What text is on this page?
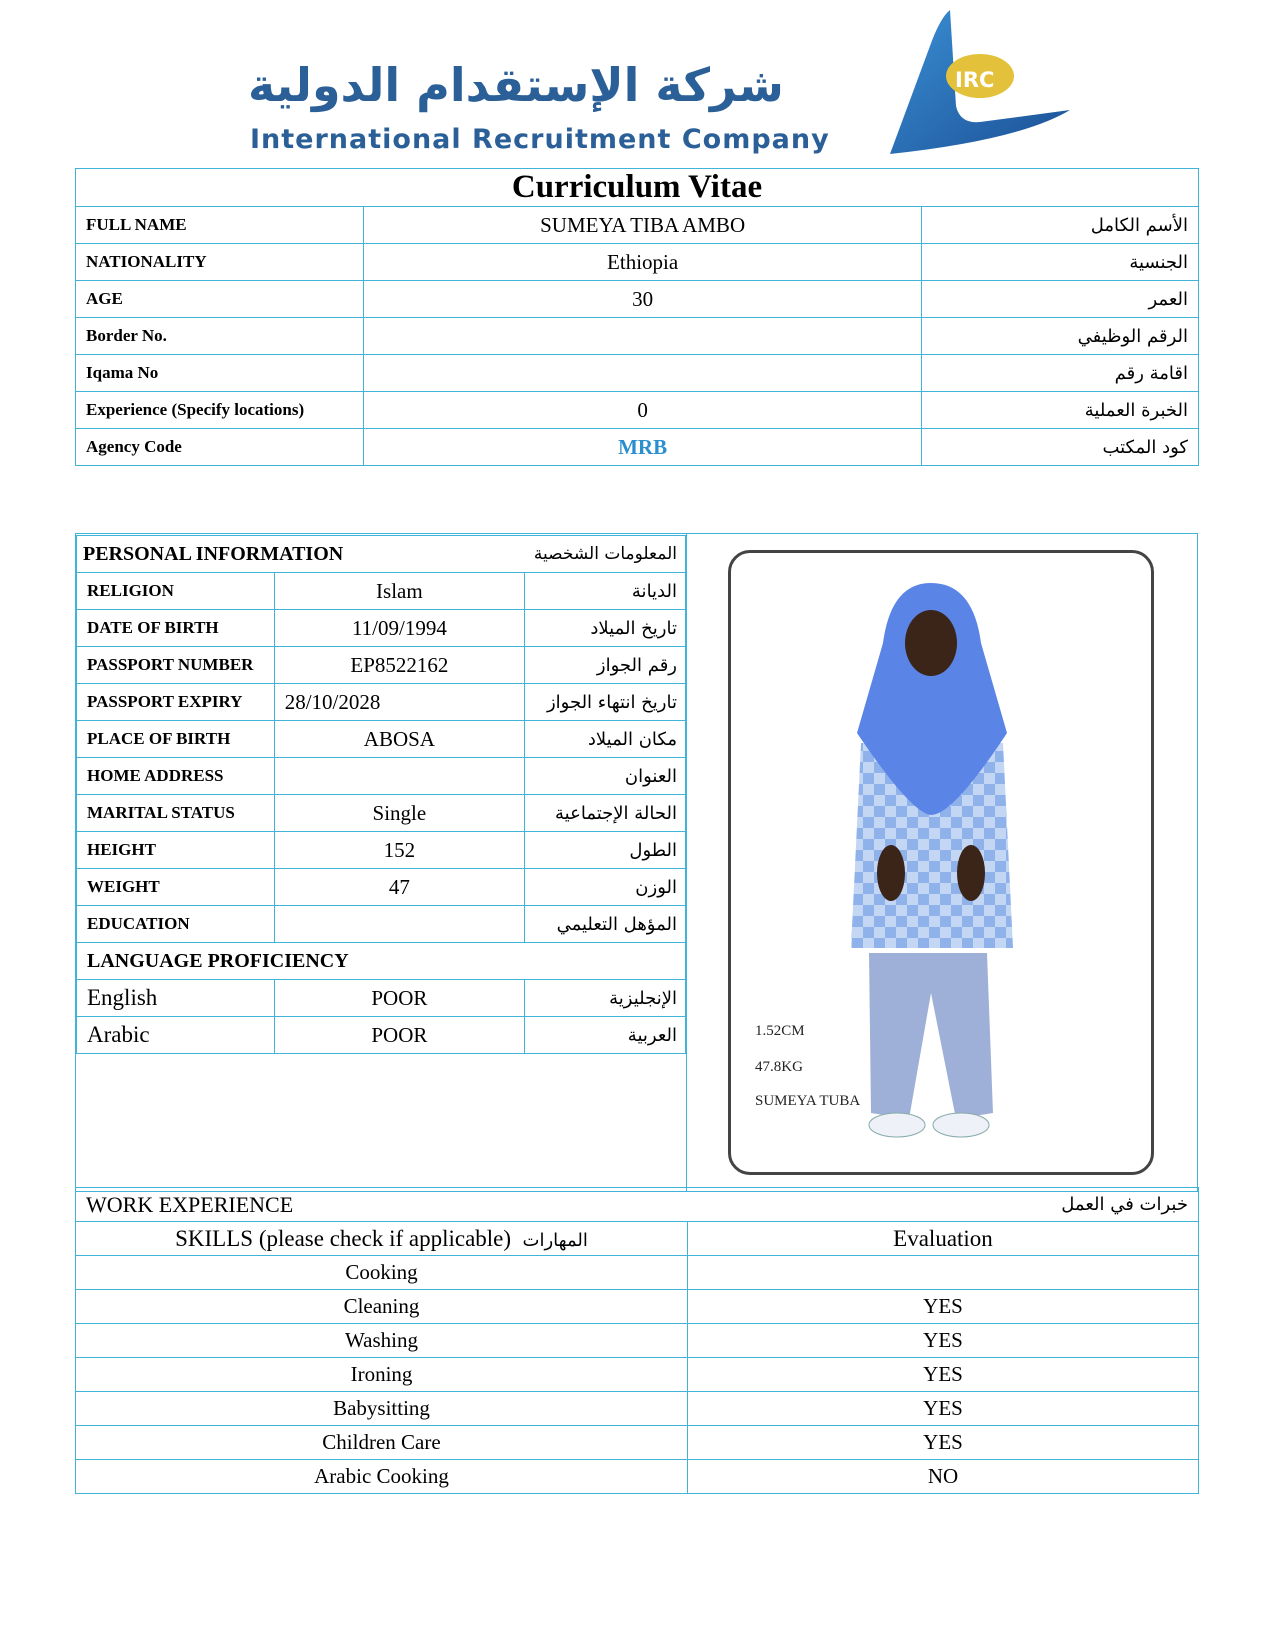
شركة الإستقدام الدولية
International Recruitment Company
IRC
Curriculum Vitae		
FULL NAME	SUMEYA TIBA AMBO	الأسم الكامل
NATIONALITY	Ethiopia	الجنسية
AGE	30	العمر
Border No.		الرقم الوظيفي
Iqama No		اقامة رقم
Experience (Specify locations)	0	الخبرة العملية
Agency Code	MRB	كود المكتب
PERSONAL INFORMATION		المعلومات الشخصية
RELIGION	Islam	الديانة
DATE OF BIRTH	11/09/1994	تاريخ الميلاد
PASSPORT NUMBER	EP8522162	رقم الجواز
PASSPORT EXPIRY	28/10/2028	تاريخ انتهاء الجواز
PLACE OF BIRTH	ABOSA	مكان الميلاد
HOME ADDRESS		العنوان
MARITAL STATUS	Single	الحالة الإجتماعية
HEIGHT	152	الطول
WEIGHT	47	الوزن
EDUCATION		المؤهل التعليمي
LANGUAGE PROFICIENCY		
English	POOR	الإنجليزية
Arabic	POOR	العربية	1.52CM
47.8KG
SUMEYA TUBA
WORK EXPERIENCE	خبرات في العمل
SKILLS (please check if applicable) المهارات	Evaluation
Cooking	
Cleaning	YES
Washing	YES
Ironing	YES
Babysitting	YES
Children Care	YES
Arabic Cooking	NO
